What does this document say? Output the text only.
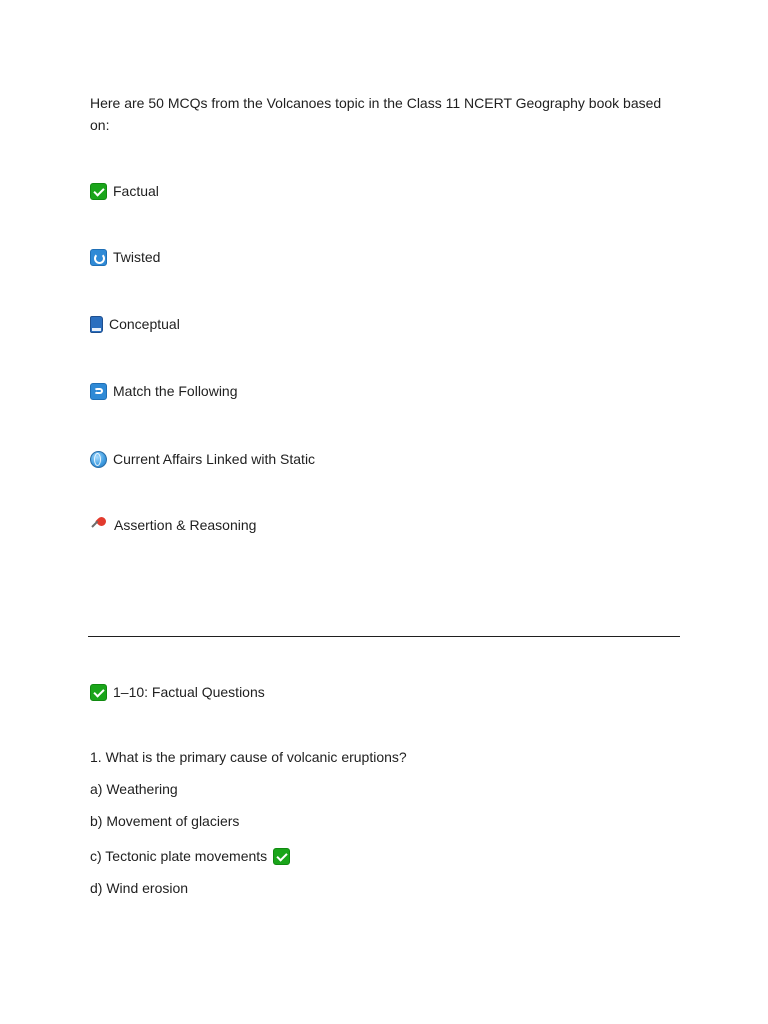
Here are 50 MCQs from the Volcanoes topic in the Class 11 NCERT Geography book based on:

Factual
Twisted
Conceptual
Match the Following
Current Affairs Linked with Static
Assertion & Reasoning
1–10: Factual Questions
1. What is the primary cause of volcanic eruptions?
a) Weathering
b) Movement of glaciers
c) Tectonic plate movements
d) Wind erosion
